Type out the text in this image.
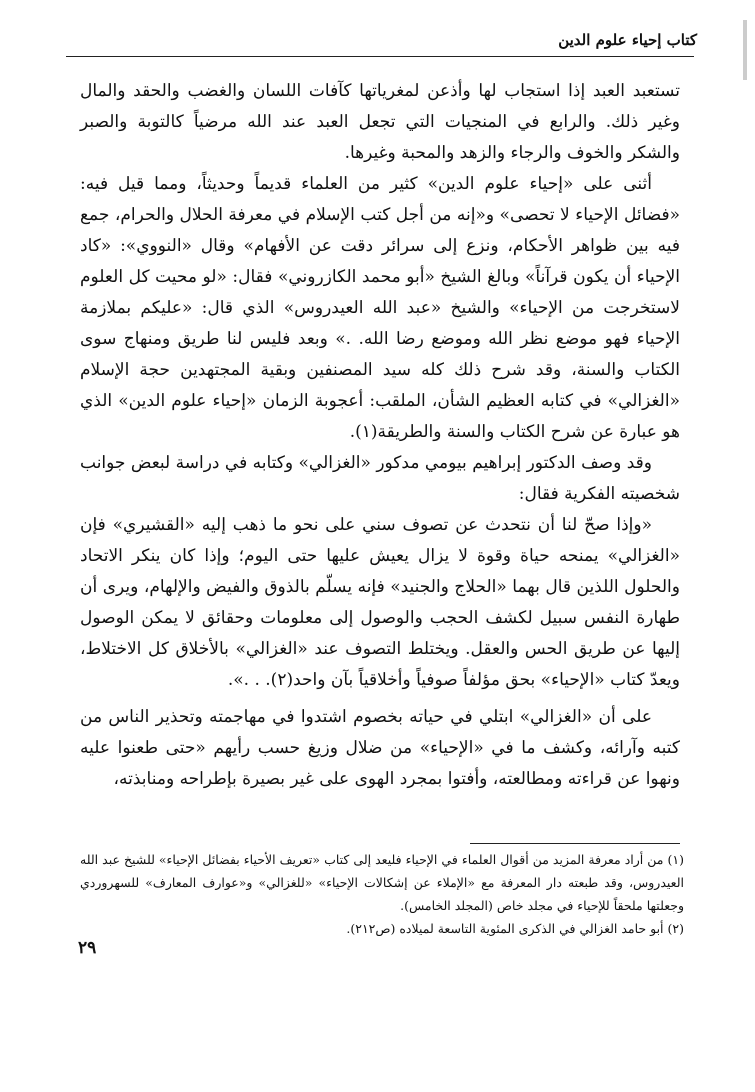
كتاب إحياء علوم الدين

تستعبد العبد إذا استجاب لها وأذعن لمغرياتها كآفات اللسان والغضب والحقد والمال وغير ذلك. والرابع في المنجيات التي تجعل العبد عند الله مرضياً كالتوبة والصبر والشكر والخوف والرجاء والزهد والمحبة وغيرها.

أثنى على «إحياء علوم الدين» كثير من العلماء قديماً وحديثاً، ومما قيل فيه: «فضائل الإحياء لا تحصى» و«إنه من أجل كتب الإسلام في معرفة الحلال والحرام، جمع فيه بين ظواهر الأحكام، ونزع إلى سرائر دقت عن الأفهام» وقال «النووي»: «كاد الإحياء أن يكون قرآناً» وبالغ الشيخ «أبو محمد الكازروني» فقال: «لو محيت كل العلوم لاستخرجت من الإحياء» والشيخ «عبد الله العيدروس» الذي قال: «عليكم بملازمة الإحياء فهو موضع نظر الله وموضع رضا الله. .» وبعد فليس لنا طريق ومنهاج سوى الكتاب والسنة، وقد شرح ذلك كله سيد المصنفين وبقية المجتهدين حجة الإسلام «الغزالي» في كتابه العظيم الشأن، الملقب: أعجوبة الزمان «إحياء علوم الدين» الذي هو عبارة عن شرح الكتاب والسنة والطريقة(١).

وقد وصف الدكتور إبراهيم بيومي مدكور «الغزالي» وكتابه في دراسة لبعض جوانب شخصيته الفكرية فقال:

«وإذا صحّ لنا أن نتحدث عن تصوف سني على نحو ما ذهب إليه «القشيري» فإن «الغزالي» يمنحه حياة وقوة لا يزال يعيش عليها حتى اليوم؛ وإذا كان ينكر الاتحاد والحلول اللذين قال بهما «الحلاج والجنيد» فإنه يسلّم بالذوق والفيض والإلهام، ويرى أن طهارة النفس سبيل لكشف الحجب والوصول إلى معلومات وحقائق لا يمكن الوصول إليها عن طريق الحس والعقل. ويختلط التصوف عند «الغزالي» بالأخلاق كل الاختلاط، ويعدّ كتاب «الإحياء» بحق مؤلفاً صوفياً وأخلاقياً بآن واحد(٢). . .».

على أن «الغزالي» ابتلي في حياته بخصوم اشتدوا في مهاجمته وتحذير الناس من كتبه وآرائه، وكشف ما في «الإحياء» من ضلال وزيغ حسب رأيهم «حتى طعنوا عليه ونهوا عن قراءته ومطالعته، وأفتوا بمجرد الهوى على غير بصيرة بإطراحه ومنابذته،

(١) من أراد معرفة المزيد من أقوال العلماء في الإحياء فليعد إلى كتاب «تعريف الأحياء بفضائل الإحياء» للشيخ عبد الله العيدروس، وقد طبعته دار المعرفة مع «الإملاء عن إشكالات الإحياء» «للغزالي» و«عوارف المعارف» للسهروردي وجعلتها ملحقاً للإحياء في مجلد خاص (المجلد الخامس).

(٢) أبو حامد الغزالي في الذكرى المئوية التاسعة لميلاده (ص٢١٢).

٢٩
